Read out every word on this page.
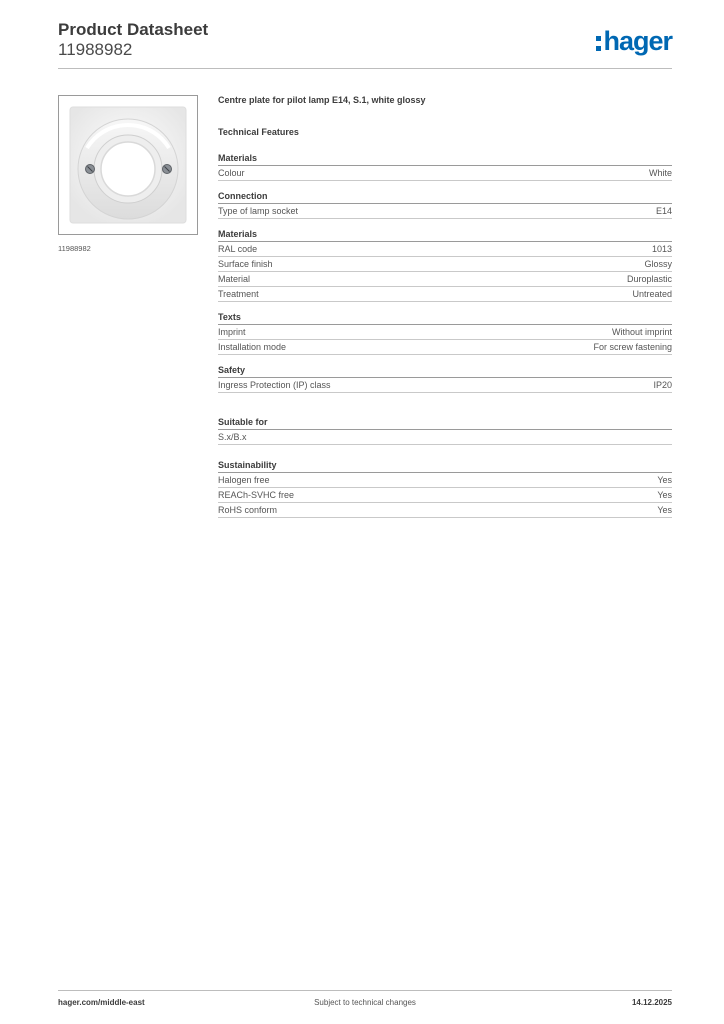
Product Datasheet
11988982	hager
11988982
Centre plate for pilot lamp E14, S.1, white glossy
Technical Features
Materials
Colour	White
Connection
Type of lamp socket	E14
Materials
RAL code	1013
Surface finish	Glossy
Material	Duroplastic
Treatment	Untreated
Texts
Imprint	Without imprint
Installation mode	For screw fastening
Safety
Ingress Protection (IP) class	IP20
Suitable for
S.x/B.x
Sustainability
Halogen free	Yes
REACh-SVHC free	Yes
RoHS conform	Yes
hager.com/middle-east	Subject to technical changes	14.12.2025
